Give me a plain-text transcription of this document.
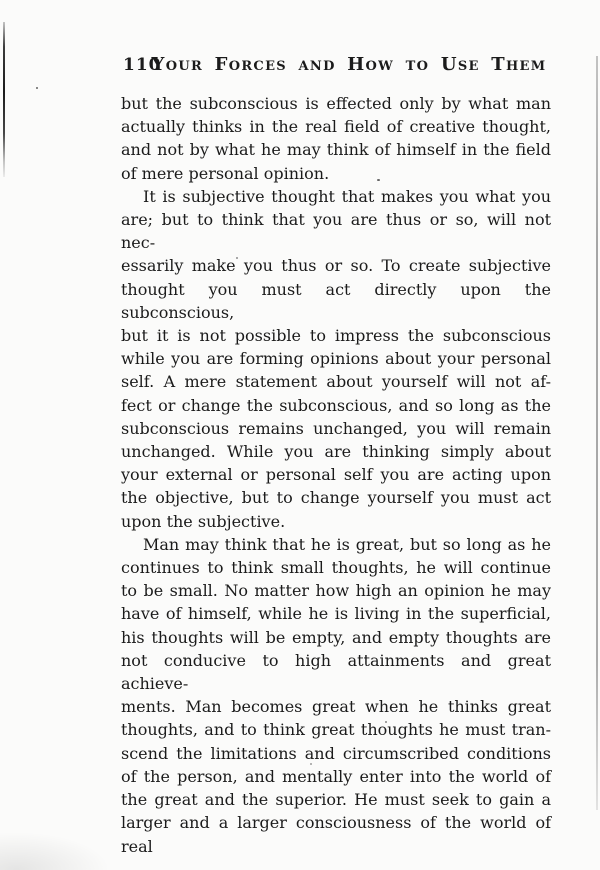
110
Your Forces and How to Use Them

but the subconscious is effected only by what man
actually thinks in the real field of creative thought,
and not by what he may think of himself in the field
of mere personal opinion.

It is subjective thought that makes you what you
are; but to think that you are thus or so, will not nec-
essarily make you thus or so. To create subjective
thought you must act directly upon the subconscious,
but it is not possible to impress the subconscious
while you are forming opinions about your personal
self. A mere statement about yourself will not af-
fect or change the subconscious, and so long as the
subconscious remains unchanged, you will remain
unchanged. While you are thinking simply about
your external or personal self you are acting upon
the objective, but to change yourself you must act
upon the subjective.

Man may think that he is great, but so long as he
continues to think small thoughts, he will continue
to be small. No matter how high an opinion he may
have of himself, while he is living in the superficial,
his thoughts will be empty, and empty thoughts are
not conducive to high attainments and great achieve-
ments. Man becomes great when he thinks great
thoughts, and to think great thoughts he must tran-
scend the limitations and circumscribed conditions
of the person, and mentally enter into the world of
the great and the superior. He must seek to gain a
larger and a larger consciousness of the world of real
